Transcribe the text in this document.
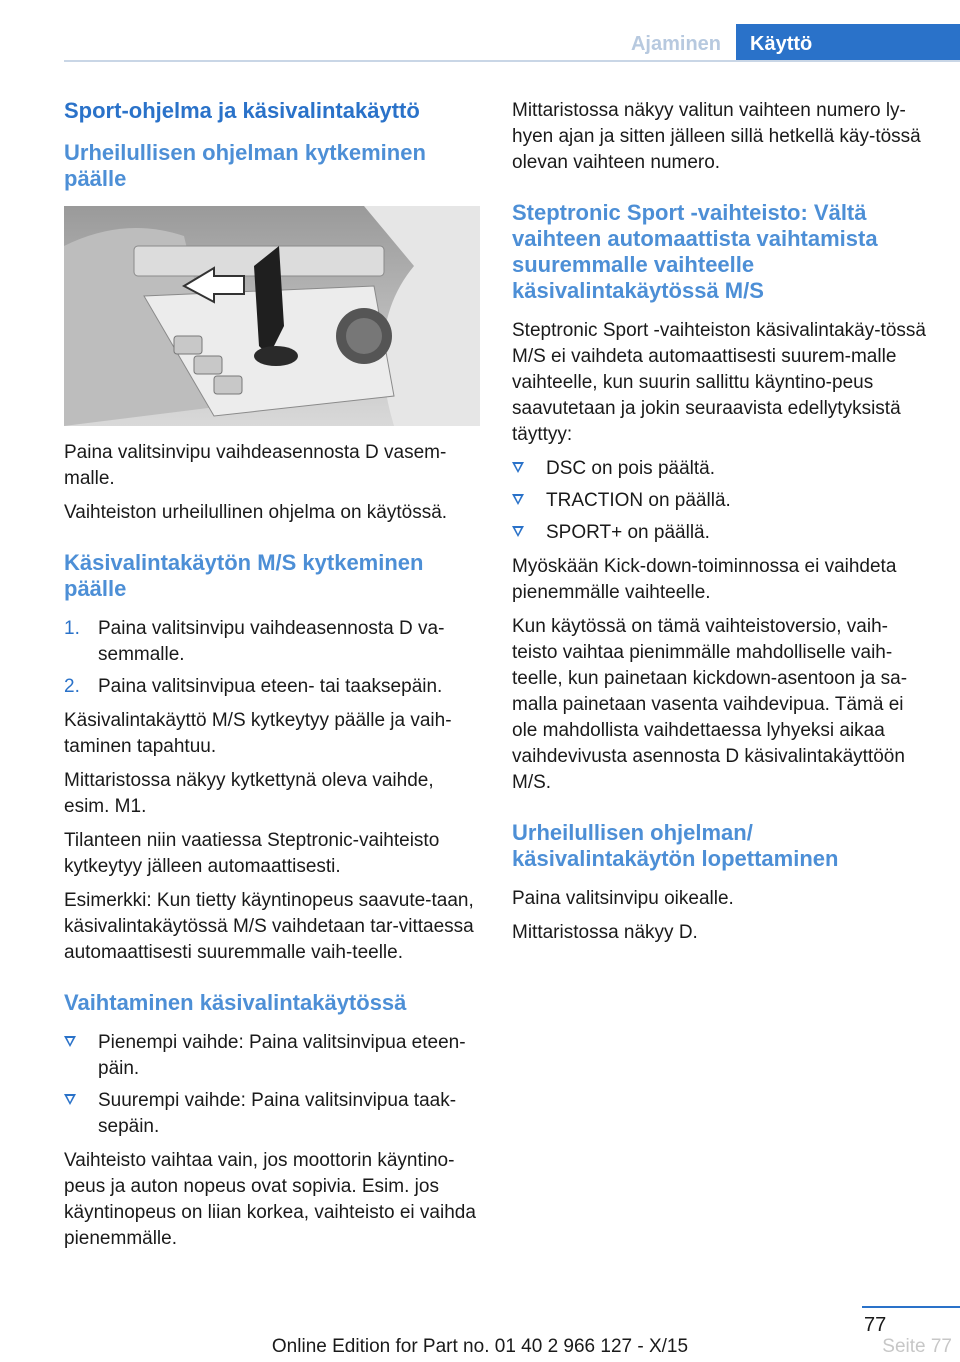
Ajaminen	Käyttö
Sport-ohjelma ja käsivalintakäyttö
Urheilullisen ohjelman kytkeminen päälle

Paina valitsinvipu vaihdeasennosta D vasem-malle.

Vaihteiston urheilullinen ohjelma on käytössä.

Käsivalintakäytön M/S kytkeminen päälle
1. Paina valitsinvipu vaihdeasennosta D va-semmalle.
2. Paina valitsinvipua eteen- tai taaksepäin.

Käsivalintakäyttö M/S kytkeytyy päälle ja vaih-taminen tapahtuu.

Mittaristossa näkyy kytkettynä oleva vaihde, esim. M1.

Tilanteen niin vaatiessa Steptronic-vaihteisto kytkeytyy jälleen automaattisesti.

Esimerkki: Kun tietty käyntinopeus saavute-taan, käsivalintakäytössä M/S vaihdetaan tar-vittaessa automaattisesti suuremmalle vaih-teelle.

Vaihtaminen käsivalintakäytössä
Pienempi vaihde: Paina valitsinvipua eteen-päin.
Suurempi vaihde: Paina valitsinvipua taak-sepäin.

Vaihteisto vaihtaa vain, jos moottorin käyntino-peus ja auton nopeus ovat sopivia. Esim. jos käyntinopeus on liian korkea, vaihteisto ei vaihda pienemmälle.

Mittaristossa näkyy valitun vaihteen numero ly-hyen ajan ja sitten jälleen sillä hetkellä käy-tössä olevan vaihteen numero.

Steptronic Sport -vaihteisto: Vältä vaihteen automaattista vaihtamista suuremmalle vaihteelle käsivalintakäytössä M/S

Steptronic Sport -vaihteiston käsivalintakäy-tössä M/S ei vaihdeta automaattisesti suurem-malle vaihteelle, kun suurin sallittu käyntino-peus saavutetaan ja jokin seuraavista edellytyksistä täyttyy:

DSC on pois päältä.
TRACTION on päällä.
SPORT+ on päällä.

Myöskään Kick-down-toiminnossa ei vaihdeta pienemmälle vaihteelle.

Kun käytössä on tämä vaihteistoversio, vaih-teisto vaihtaa pienimmälle mahdolliselle vaih-teelle, kun painetaan kickdown-asentoon ja sa-malla painetaan vasenta vaihdevipua. Tämä ei ole mahdollista vaihdettaessa lyhyeksi aikaa vaihdevivusta asennosta D käsivalintakäyttöön M/S.

Urheilullisen ohjelman/ käsivalintakäytön lopettaminen

Paina valitsinvipu oikealle.

Mittaristossa näkyy D.

77
Online Edition for Part no. 01 40 2 966 127 - X/15	Seite 77
